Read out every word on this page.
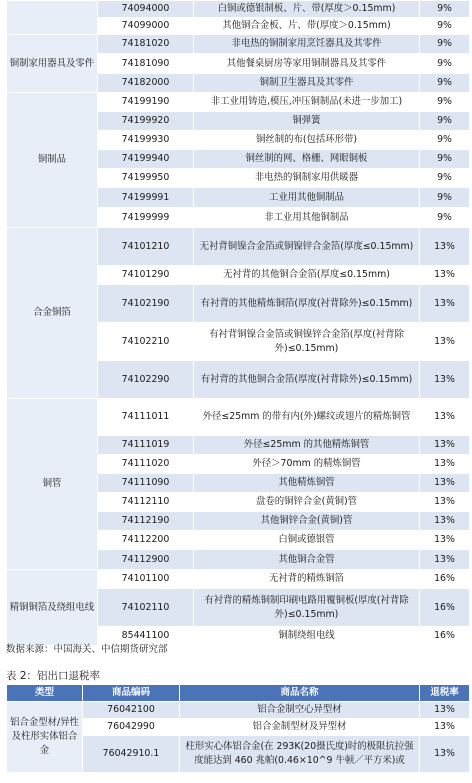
	74094000	白铜或德银制板、片、带(厚度＞0.15mm)	9%
	74099000	其他铜合金板、片、带(厚度＞0.15mm)	9%
铜制家用器具及零件	74181020	非电热的铜制家用烹饪器具及其零件	9%
	74181090	其他餐桌厨房等家用铜制器具及其零件	9%
	74182000	铜制卫生器具及其零件	9%
铜制品	74199190	非工业用铸造,模压,冲压铜制品(未进一步加工)	9%
	74199920	铜弹簧	9%
	74199930	铜丝制的布(包括环形带)	9%
	74199940	铜丝制的网、格栅、网眼铜板	9%
	74199950	非电热的铜制家用供暖器	9%
	74199991	工业用其他铜制品	9%
	74199999	非工业用其他铜制品	9%
合金铜箔	74101210	无衬背铜镍合金箔或铜镍锌合金箔(厚度≤0.15mm)	13%
	74101290	无衬背的其他铜合金箔(厚度≤0.15mm)	13%
	74102190	有衬背的其他精炼铜箔(厚度(衬背除外)≤0.15mm)	13%
	74102210	有衬背铜镍合金箔或铜镍锌合金箔(厚度(衬背除外)≤0.15mm)	13%
	74102290	有衬背的其他铜合金箔(厚度(衬背除外)≤0.15mm)	13%
铜管	74111011	外径≤25mm 的带有内(外)螺纹或翅片的精炼铜管	13%
	74111019	外径≤25mm 的其他精炼铜管	13%
	74111020	外径＞70mm 的精炼铜管	13%
	74111090	其他精炼铜管	13%
	74112110	盘卷的铜锌合金(黄铜)管	13%
	74112190	其他铜锌合金(黄铜)管	13%
	74112200	白铜或德银管	13%
	74112900	其他铜合金管	13%
精铜铜箔及绕组电线	74101100	无衬背的精炼铜箔	16%
	74102110	有衬背的精炼铜制印刷电路用覆铜板(厚度(衬背除外)≤0.15mm)	16%
	85441100	铜制绕组电线	16%
数据来源：中国海关、中信期货研究部
表 2：铝出口退税率
类型	商品编码	商品名称	退税率
铝合金型材/异性及柱形实体铝合金	76042100	铝合金制空心异型材	13%
	76042990	铝合金制型材及异型材	13%
	76042910.1	柱形实心体铝合金(在 293K(20摄氏度)时的极限抗拉强度能达到 460 兆帕(0.46×10^9 牛顿／平方米)或	13%
